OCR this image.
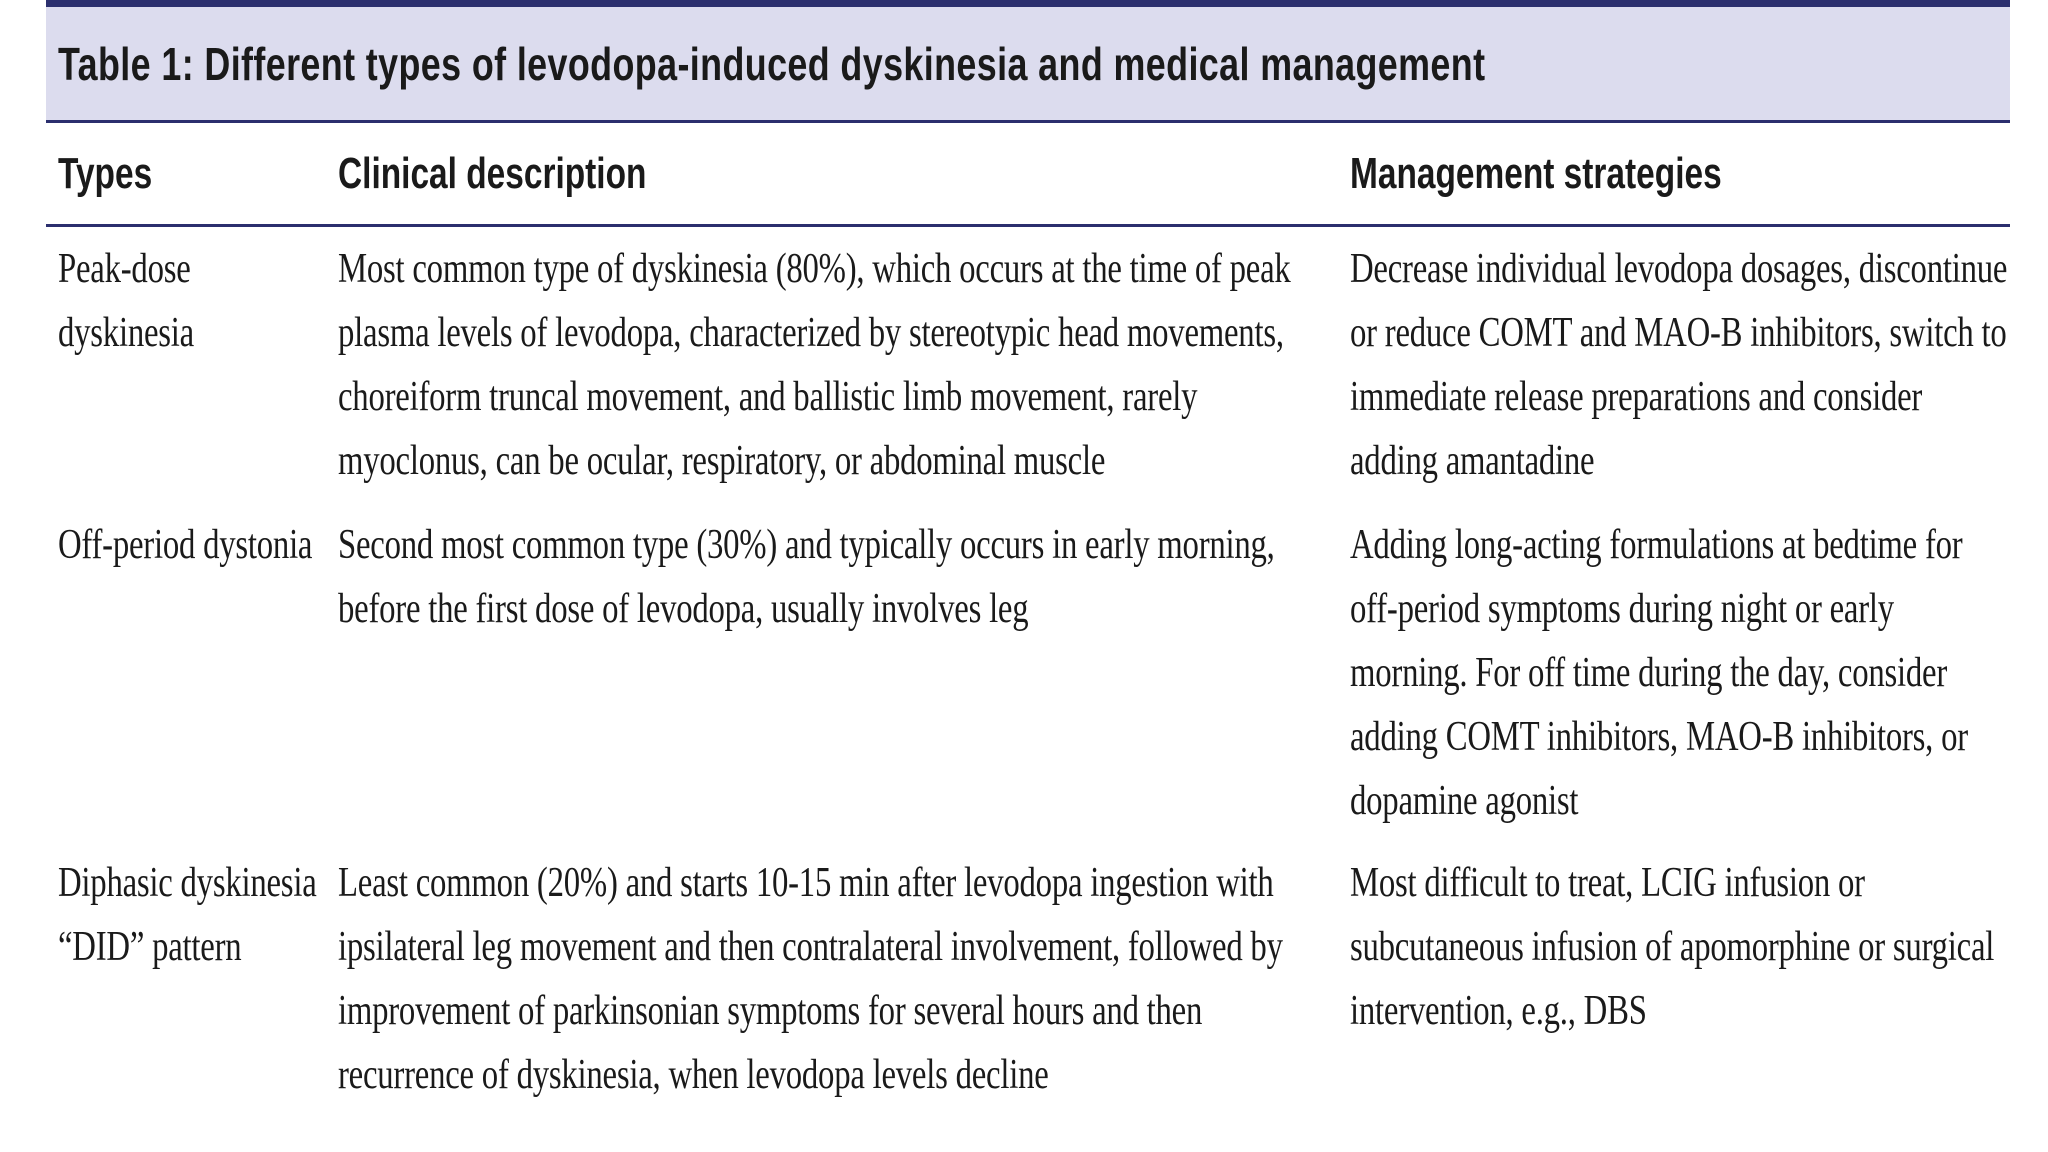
Table 1: Different types of levodopa-induced dyskinesia and medical management
Types	Clinical description	Management strategies

Peak-dose dyskinesia	Most common type of dyskinesia (80%), which occurs at the time of peak plasma levels of levodopa, characterized by stereotypic head movements, choreiform truncal movement, and ballistic limb movement, rarely myoclonus, can be ocular, respiratory, or abdominal muscle	Decrease individual levodopa dosages, discontinue or reduce COMT and MAO-B inhibitors, switch to immediate release preparations and consider adding amantadine

Off-period dystonia	Second most common type (30%) and typically occurs in early morning, before the first dose of levodopa, usually involves leg	Adding long-acting formulations at bedtime for off-period symptoms during night or early morning. For off time during the day, consider adding COMT inhibitors, MAO-B inhibitors, or dopamine agonist

Diphasic dyskinesia “DID” pattern	Least common (20%) and starts 10-15 min after levodopa ingestion with ipsilateral leg movement and then contralateral involvement, followed by improvement of parkinsonian symptoms for several hours and then recurrence of dyskinesia, when levodopa levels decline	Most difficult to treat, LCIG infusion or subcutaneous infusion of apomorphine or surgical intervention, e.g., DBS
